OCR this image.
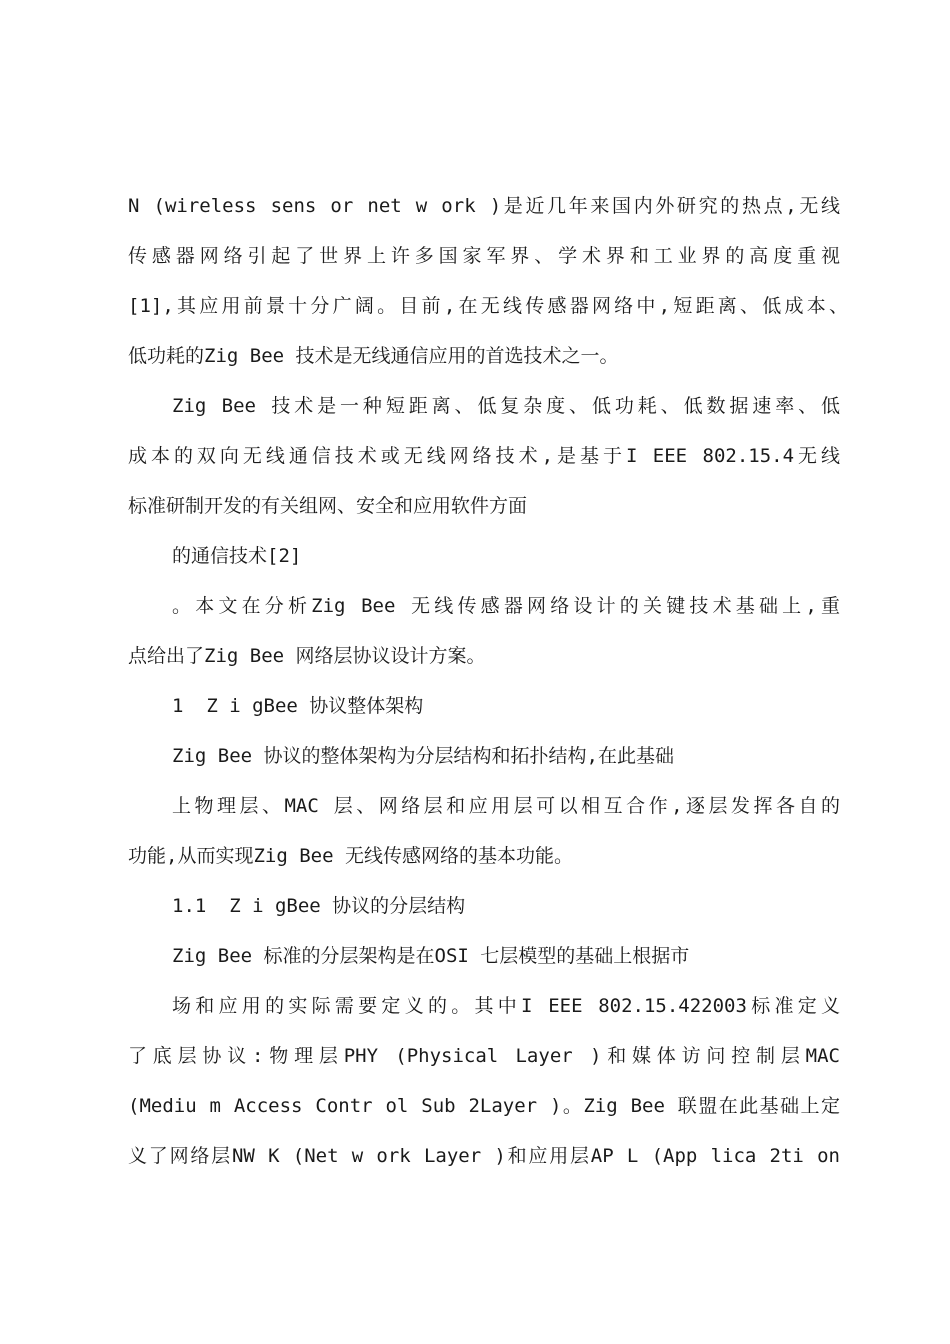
N (wireless sens or net w ork )是近几年来国内外研究的热点,无线
传感器网络引起了世界上许多国家军界、学术界和工业界的高度重视
[1],其应用前景十分广阔。目前,在无线传感器网络中,短距离、低成本、
低功耗的Zig Bee 技术是无线通信应用的首选技术之一。
Zig Bee 技术是一种短距离、低复杂度、低功耗、低数据速率、低
成本的双向无线通信技术或无线网络技术,是基于I EEE 802.15.4无线
标准研制开发的有关组网、安全和应用软件方面
的通信技术[2]
。本文在分析Zig Bee 无线传感器网络设计的关键技术基础上,重
点给出了Zig Bee 网络层协议设计方案。
1  Z i gBee 协议整体架构
Zig Bee 协议的整体架构为分层结构和拓扑结构,在此基础
上物理层、MAC 层、网络层和应用层可以相互合作,逐层发挥各自的
功能,从而实现Zig Bee 无线传感网络的基本功能。
1.1  Z i gBee 协议的分层结构
Zig Bee 标准的分层架构是在OSI 七层模型的基础上根据市
场和应用的实际需要定义的。其中I EEE 802.15.422003标准定义
了底层协议:物理层PHY (Physical Layer )和媒体访问控制层MAC
(Mediu m Access Contr ol Sub 2Layer )。Zig Bee 联盟在此基础上定
义了网络层NW K (Net w ork Layer )和应用层AP L (App lica 2ti on
